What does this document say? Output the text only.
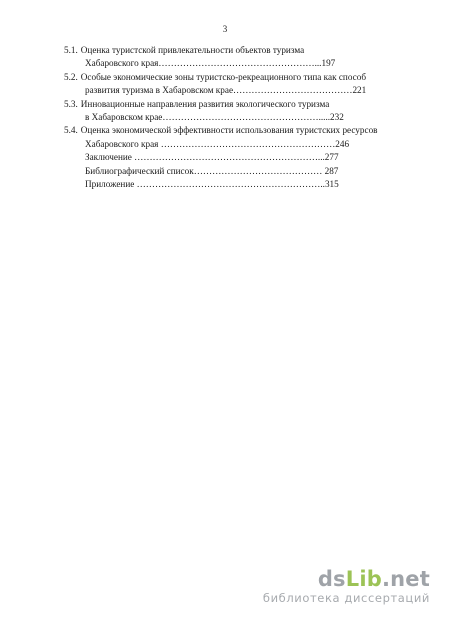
3
5.1. Оценка туристской привлекательности объектов туризма
Хабаровского края……………………………………………...197
5.2. Особые экономические зоны туристско-рекреационного типа как способ
развития туризма в Хабаровском крае…………………………………221
5.3. Инновационные направления развития экологического туризма
в Хабаровском крае…………………………………………….....232
5.4. Оценка экономической эффективности использования туристских ресурсов
Хабаровского края …………………………………………………246
Заключение ……………………………………………………...277
Библиографический список…………………………………… 287
Приложение ……………………………………………………..315
dsLib.net
библиотека диссертаций
